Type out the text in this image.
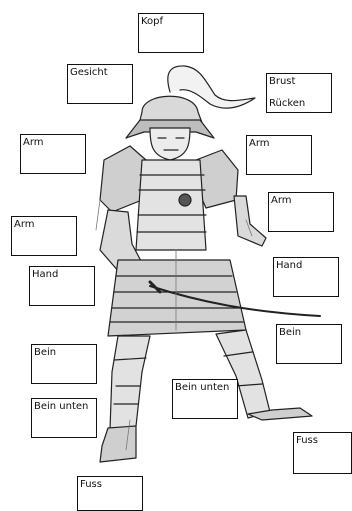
Kopf
Gesicht
Brust
Rücken
Arm	Arm
Arm
Arm
Hand
Hand
Bein
Bein
Bein unten
Bein unten
Fuss
Fuss
